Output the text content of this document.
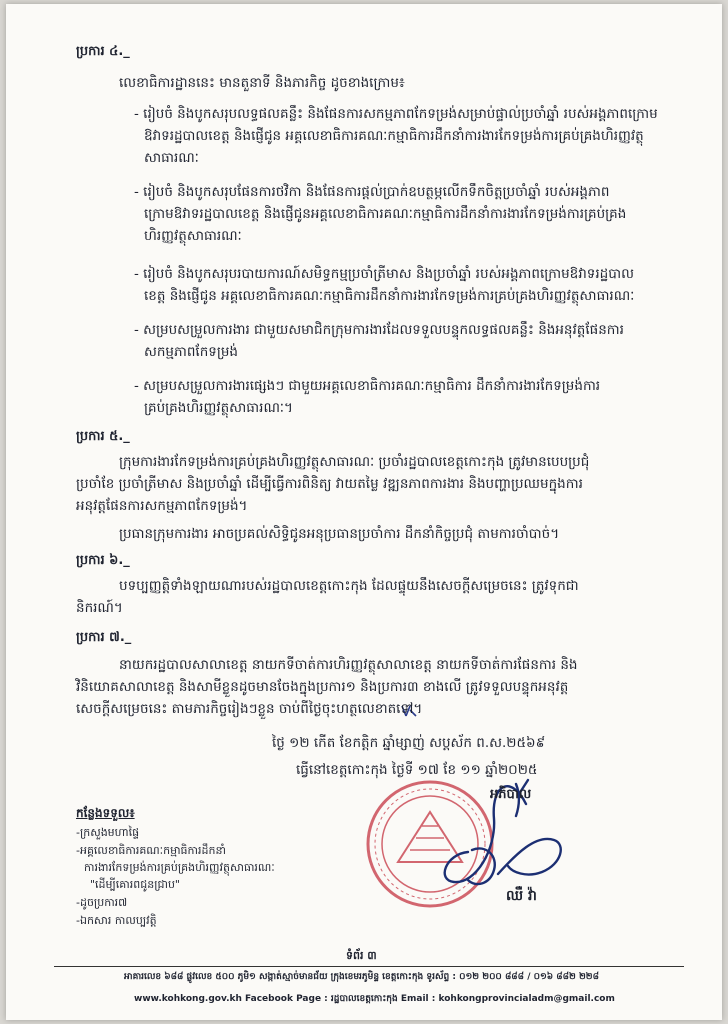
ប្រការ ៤._
លេខាធិការដ្ឋាននេះ មានតួនាទី និងភារកិច្ច ដូចខាងក្រោម៖
- រៀបចំ និងបូកសរុបលទ្ធផលគន្លឹះ និងផែនការសកម្មភាពកែទម្រង់សម្រាប់ផ្ទាល់ប្រចាំឆ្នាំ របស់អង្គភាពក្រោម
ឱវាទរដ្ឋបាលខេត្ត និងផ្ញើជូន អគ្គលេខាធិការគណៈកម្មាធិការដឹកនាំការងារកែទម្រង់ការគ្រប់គ្រងហិរញ្ញវត្ថុ
សាធារណៈ
- រៀបចំ និងបូកសរុបផែនការថវិកា និងផែនការផ្តល់ប្រាក់ឧបត្ថម្ភលើកទឹកចិត្តប្រចាំឆ្នាំ របស់អង្គភាព
ក្រោមឱវាទរដ្ឋបាលខេត្ត និងផ្ញើជូនអគ្គលេខាធិការគណៈកម្មាធិការដឹកនាំការងារកែទម្រង់ការគ្រប់គ្រង
ហិរញ្ញវត្ថុសាធារណៈ
- រៀបចំ និងបូកសរុបរបាយការណ៍សមិទ្ធកម្មប្រចាំត្រីមាស និងប្រចាំឆ្នាំ របស់អង្គភាពក្រោមឱវាទរដ្ឋបាល
ខេត្ត និងផ្ញើជូន អគ្គលេខាធិការគណៈកម្មាធិការដឹកនាំការងារកែទម្រង់ការគ្រប់គ្រងហិរញ្ញវត្ថុសាធារណៈ
- សម្របសម្រួលការងារ ជាមួយសមាជិកក្រុមការងារដែលទទួលបន្ទុកលទ្ធផលគន្លឹះ និងអនុវត្តផែនការ
សកម្មភាពកែទម្រង់
- សម្របសម្រួលការងារផ្សេងៗ ជាមួយអគ្គលេខាធិការគណៈកម្មាធិការ ដឹកនាំការងារកែទម្រង់ការ
គ្រប់គ្រងហិរញ្ញវត្ថុសាធារណៈ។
ប្រការ ៥._
ក្រុមការងារកែទម្រង់ការគ្រប់គ្រងហិរញ្ញវត្ថុសាធារណៈ ប្រចាំរដ្ឋបាលខេត្តកោះកុង ត្រូវមានបេបប្រជុំ
ប្រចាំខែ ប្រចាំត្រីមាស និងប្រចាំឆ្នាំ ដើម្បីធ្វើការពិនិត្យ វាយតម្លៃ វឌ្ឍនភាពការងារ និងបញ្ហាប្រឈមក្នុងការ
អនុវត្តផែនការសកម្មភាពកែទម្រង់។
ប្រធានក្រុមការងារ អាចប្រគល់សិទ្ធិជូនអនុប្រធានប្រចាំការ ដឹកនាំកិច្ចប្រជុំ តាមការចាំបាច់។
ប្រការ ៦._
បទប្បញ្ញត្តិទាំងឡាយណារបស់រដ្ឋបាលខេត្តកោះកុង ដែលផ្ទុយនឹងសេចក្តីសម្រេចនេះ ត្រូវទុកជា
និករណ៍។
ប្រការ ៧._
នាយករដ្ឋបាលសាលាខេត្ត នាយកទីចាត់ការហិរញ្ញវត្ថុសាលាខេត្ត នាយកទីចាត់ការផែនការ និង
វិនិយោគសាលាខេត្ត និងសាមីខ្លួនដូចមានចែងក្នុងប្រការ១ និងប្រការ៣ ខាងលើ ត្រូវទទួលបន្ទុកអនុវត្ត
សេចក្តីសម្រេចនេះ តាមភារកិច្ចរៀងៗខ្លួន ចាប់ពីថ្ងៃចុះហត្ថលេខាតទៅ។
ថ្ងៃ ១២ កើត ខែកត្តិក ឆ្នាំម្សាញ់ សប្តស័ក ព.ស.២៥៦៩
ធ្វើនៅខេត្តកោះកុង ថ្ងៃទី ១៧ ខែ ១១ ឆ្នាំ២០២៥
អភិបាល
ឈឺ វ៉ា
កន្លែងទទួល៖
-ក្រសួងមហាផ្ទៃ
-អគ្គលេខាធិការគណៈកម្មាធិការដឹកនាំ
ការងារកែទម្រង់ការគ្រប់គ្រងហិរញ្ញវត្ថុសាធារណៈ
"ដើម្បីគោរពជូនជ្រាប"
-ដូចប្រការ៧
-ឯកសារ កាលប្បវត្តិ
ទំព័រ ៣
អាគារលេខ ៦៨៨ ផ្លូវលេខ ៥០០ ភូមិ១ សង្កាត់ស្មាច់មានជ័យ ក្រុងខេមរភូមិន្ទ ខេត្តកោះកុង ទូរស័ព្ទ : ០១២ ២០០ ៨៨៨ / ០១៦ ៨៨២ ២២៨
www.kohkong.gov.kh Facebook Page : រដ្ឋបាលខេត្តកោះកុង Email : kohkongprovincialadm@gmail.com
